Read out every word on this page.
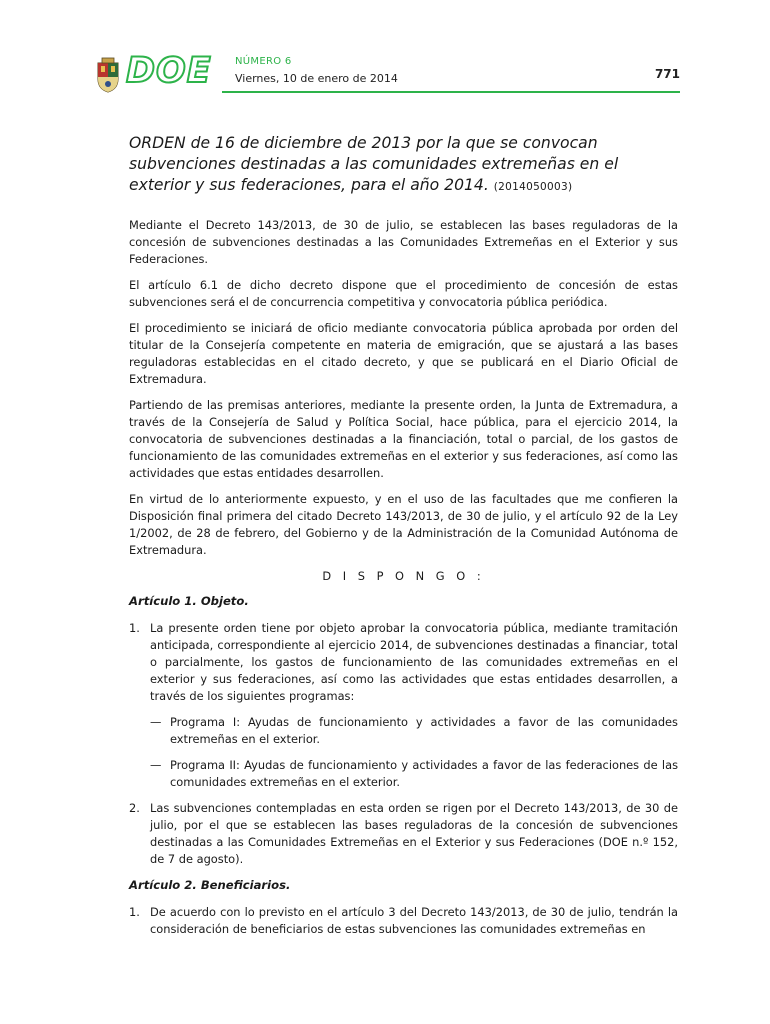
DOE NÚMERO 6
Viernes, 10 de enero de 2014	771
ORDEN de 16 de diciembre de 2013 por la que se convocan subvenciones destinadas a las comunidades extremeñas en el exterior y sus federaciones, para el año 2014. (2014050003)

Mediante el Decreto 143/2013, de 30 de julio, se establecen las bases reguladoras de la concesión de subvenciones destinadas a las Comunidades Extremeñas en el Exterior y sus Federaciones.

El artículo 6.1 de dicho decreto dispone que el procedimiento de concesión de estas subvenciones será el de concurrencia competitiva y convocatoria pública periódica.

El procedimiento se iniciará de oficio mediante convocatoria pública aprobada por orden del titular de la Consejería competente en materia de emigración, que se ajustará a las bases reguladoras establecidas en el citado decreto, y que se publicará en el Diario Oficial de Extremadura.

Partiendo de las premisas anteriores, mediante la presente orden, la Junta de Extremadura, a través de la Consejería de Salud y Política Social, hace pública, para el ejercicio 2014, la convocatoria de subvenciones destinadas a la financiación, total o parcial, de los gastos de funcionamiento de las comunidades extremeñas en el exterior y sus federaciones, así como las actividades que estas entidades desarrollen.

En virtud de lo anteriormente expuesto, y en el uso de las facultades que me confieren la Disposición final primera del citado Decreto 143/2013, de 30 de julio, y el artículo 92 de la Ley 1/2002, de 28 de febrero, del Gobierno y de la Administración de la Comunidad Autónoma de Extremadura.

D I S P O N G O :
Artículo 1. Objeto.
1. La presente orden tiene por objeto aprobar la convocatoria pública, mediante tramitación anticipada, correspondiente al ejercicio 2014, de subvenciones destinadas a financiar, total o parcialmente, los gastos de funcionamiento de las comunidades extremeñas en el exterior y sus federaciones, así como las actividades que estas entidades desarrollen, a través de los siguientes programas:
— Programa I: Ayudas de funcionamiento y actividades a favor de las comunidades extremeñas en el exterior.
— Programa II: Ayudas de funcionamiento y actividades a favor de las federaciones de las comunidades extremeñas en el exterior.
2. Las subvenciones contempladas en esta orden se rigen por el Decreto 143/2013, de 30 de julio, por el que se establecen las bases reguladoras de la concesión de subvenciones destinadas a las Comunidades Extremeñas en el Exterior y sus Federaciones (DOE n.º 152, de 7 de agosto).
Artículo 2. Beneficiarios.
1. De acuerdo con lo previsto en el artículo 3 del Decreto 143/2013, de 30 de julio, tendrán la consideración de beneficiarios de estas subvenciones las comunidades extremeñas en
